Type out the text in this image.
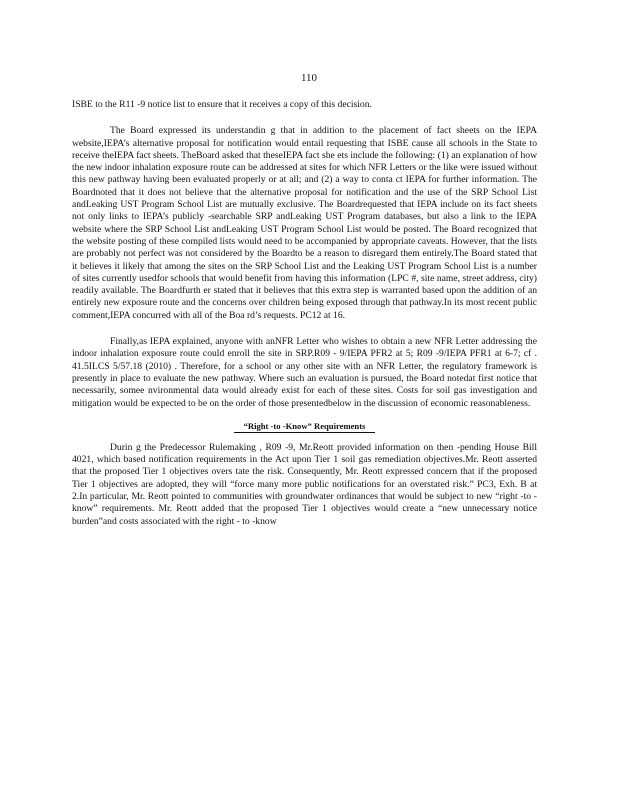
110

ISBE to the R11 -9 notice list to ensure that it receives a copy of this decision.

The Board expressed its understandin g that in addition to the placement of fact sheets on the IEPA website,IEPA’s alternative proposal for notification would entail requesting that ISBE cause all schools in the State to receive theIEPA fact sheets. TheBoard asked that theseIEPA fact she ets include the following: (1) an explanation of how the new indoor inhalation exposure route can be addressed at sites for which NFR Letters or the like were issued without this new pathway having been evaluated properly or at all; and (2) a way to conta ct IEPA for further information. The Boardnoted that it does not believe that the alternative proposal for notification and the use of the SRP School List andLeaking UST Program School List are mutually exclusive. The Boardrequested that IEPA include on its fact sheets not only links to IEPA’s publicly -searchable SRP andLeaking UST Program databases, but also a link to the IEPA website where the SRP School List andLeaking UST Program School List would be posted. The Board recognized that the website posting of these compiled lists would need to be accompanied by appropriate caveats. However, that the lists are probably not perfect was not considered by the Boardto be a reason to disregard them entirely.The Board stated that it believes it likely that among the sites on the SRP School List and the Leaking UST Program School List is a number of sites currently usedfor schools that would benefit from having this information (LPC #, site name, street address, city) readily available. The Boardfurth er stated that it believes that this extra step is warranted based upon the addition of an entirely new exposure route and the concerns over children being exposed through that pathway.In its most recent public comment,IEPA concurred with all of the Boa rd’s requests. PC12 at 16.

Finally,as IEPA explained, anyone with anNFR Letter who wishes to obtain a new NFR Letter addressing the indoor inhalation exposure route could enroll the site in SRP.R09 - 9/IEPA PFR2 at 5; R09 -9/IEPA PFR1 at 6-7; cf . 41.5ILCS 5/57.18 (2010) . Therefore, for a school or any other site with an NFR Letter, the regulatory framework is presently in place to evaluate the new pathway. Where such an evaluation is pursued, the Board notedat first notice that necessarily, somee nvironmental data would already exist for each of these sites. Costs for soil gas investigation and mitigation would be expected to be on the order of those presentedbelow in the discussion of economic reasonableness.

“Right -to -Know” Requirements

Durin g the Predecessor Rulemaking , R09 -9, Mr.Reott provided information on then -pending House Bill 4021, which based notification requirements in the Act upon Tier 1 soil gas remediation objectives.Mr. Reott asserted that the proposed Tier 1 objectives overs tate the risk. Consequently, Mr. Reott expressed concern that if the proposed Tier 1 objectives are adopted, they will “force many more public notifications for an overstated risk.” PC3, Exh. B at 2.In particular, Mr. Reott pointed to communities with groundwater ordinances that would be subject to new “right -to -know” requirements. Mr. Reott added that the proposed Tier 1 objectives would create a “new unnecessary notice burden”and costs associated with the right - to -know
